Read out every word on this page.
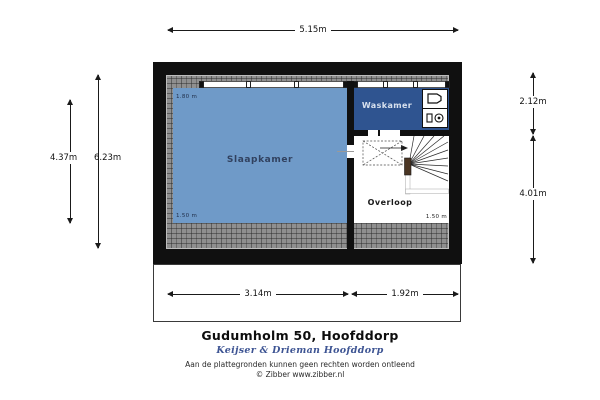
5.15m
6.23m
4.37m
2.12m
4.01m
Slaapkamer
1.80 m
1.50 m
Waskamer
Overloop
1.50 m
3.14m	1.92m
Gudumholm 50, Hoofddorp
Keijser & Drieman Hoofddorp
Aan de plattegronden kunnen geen rechten worden ontleend
© Zibber www.zibber.nl
